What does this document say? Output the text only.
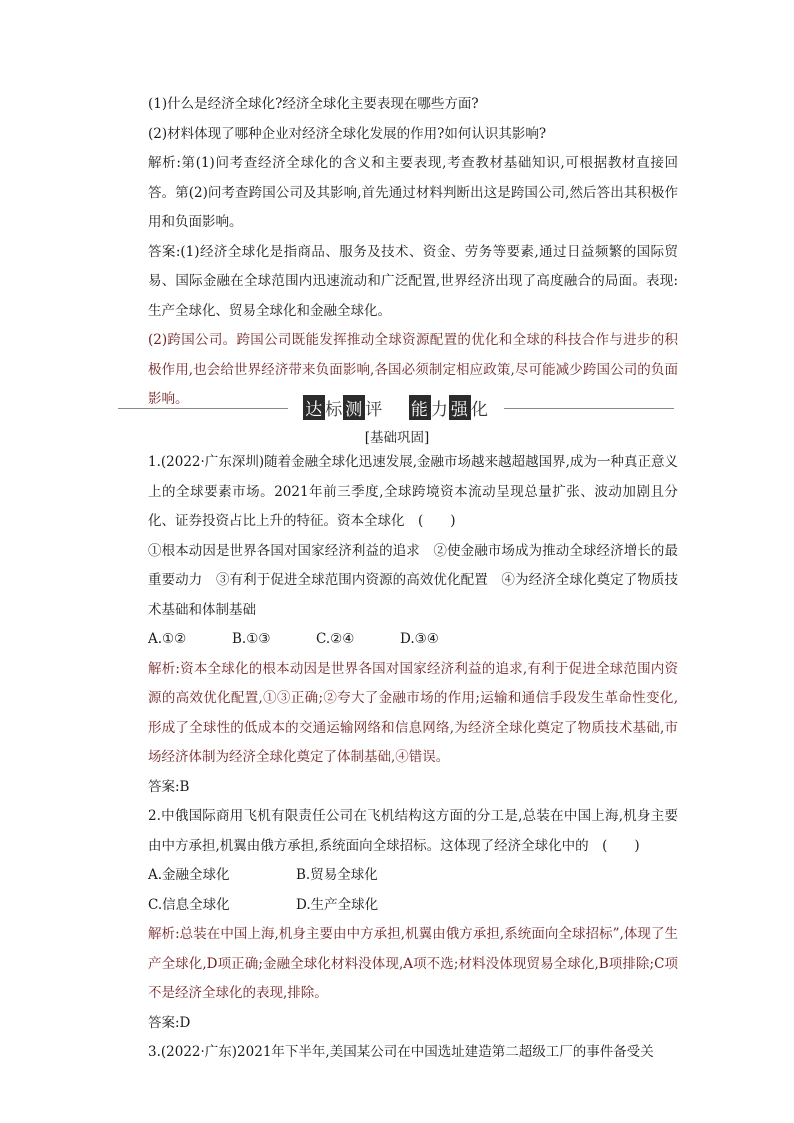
(1)什么是经济全球化?经济全球化主要表现在哪些方面?

(2)材料体现了哪种企业对经济全球化发展的作用?如何认识其影响?

解析:第(1)问考查经济全球化的含义和主要表现,考查教材基础知识,可根据教材直接回答。第(2)问考查跨国公司及其影响,首先通过材料判断出这是跨国公司,然后答出其积极作用和负面影响。

答案:(1)经济全球化是指商品、服务及技术、资金、劳务等要素,通过日益频繁的国际贸易、国际金融在全球范围内迅速流动和广泛配置,世界经济出现了高度融合的局面。表现:生产全球化、贸易全球化和金融全球化。

(2)跨国公司。跨国公司既能发挥推动全球资源配置的优化和全球的科技合作与进步的积极作用,也会给世界经济带来负面影响,各国必须制定相应政策,尽可能减少跨国公司的负面影响。

达 标 测 评 能 力 强 化
[基础巩固]

1.(2022·广东深圳)随着金融全球化迅速发展,金融市场越来越超越国界,成为一种真正意义上的全球要素市场。2021年前三季度,全球跨境资本流动呈现总量扩张、波动加剧且分化、证券投资占比上升的特征。资本全球化　(　　)

①根本动因是世界各国对国家经济利益的追求　②使金融市场成为推动全球经济增长的最重要动力　③有利于促进全球范围内资源的高效优化配置　④为经济全球化奠定了物质技术基础和体制基础

A.①②	B.①③	C.②④	D.③④

解析:资本全球化的根本动因是世界各国对国家经济利益的追求,有利于促进全球范围内资源的高效优化配置,①③正确;②夸大了金融市场的作用;运输和通信手段发生革命性变化,形成了全球性的低成本的交通运输网络和信息网络,为经济全球化奠定了物质技术基础,市场经济体制为经济全球化奠定了体制基础,④错误。

答案:B

2.中俄国际商用飞机有限责任公司在飞机结构这方面的分工是,总装在中国上海,机身主要由中方承担,机翼由俄方承担,系统面向全球招标。这体现了经济全球化中的　(　　)

A.金融全球化	B.贸易全球化
C.信息全球化	D.生产全球化

解析:总装在中国上海,机身主要由中方承担,机翼由俄方承担,系统面向全球招标”,体现了生产全球化,D项正确;金融全球化材料没体现,A项不选;材料没体现贸易全球化,B项排除;C项不是经济全球化的表现,排除。

答案:D

3.(2022·广东)2021年下半年,美国某公司在中国选址建造第二超级工厂的事件备受关
